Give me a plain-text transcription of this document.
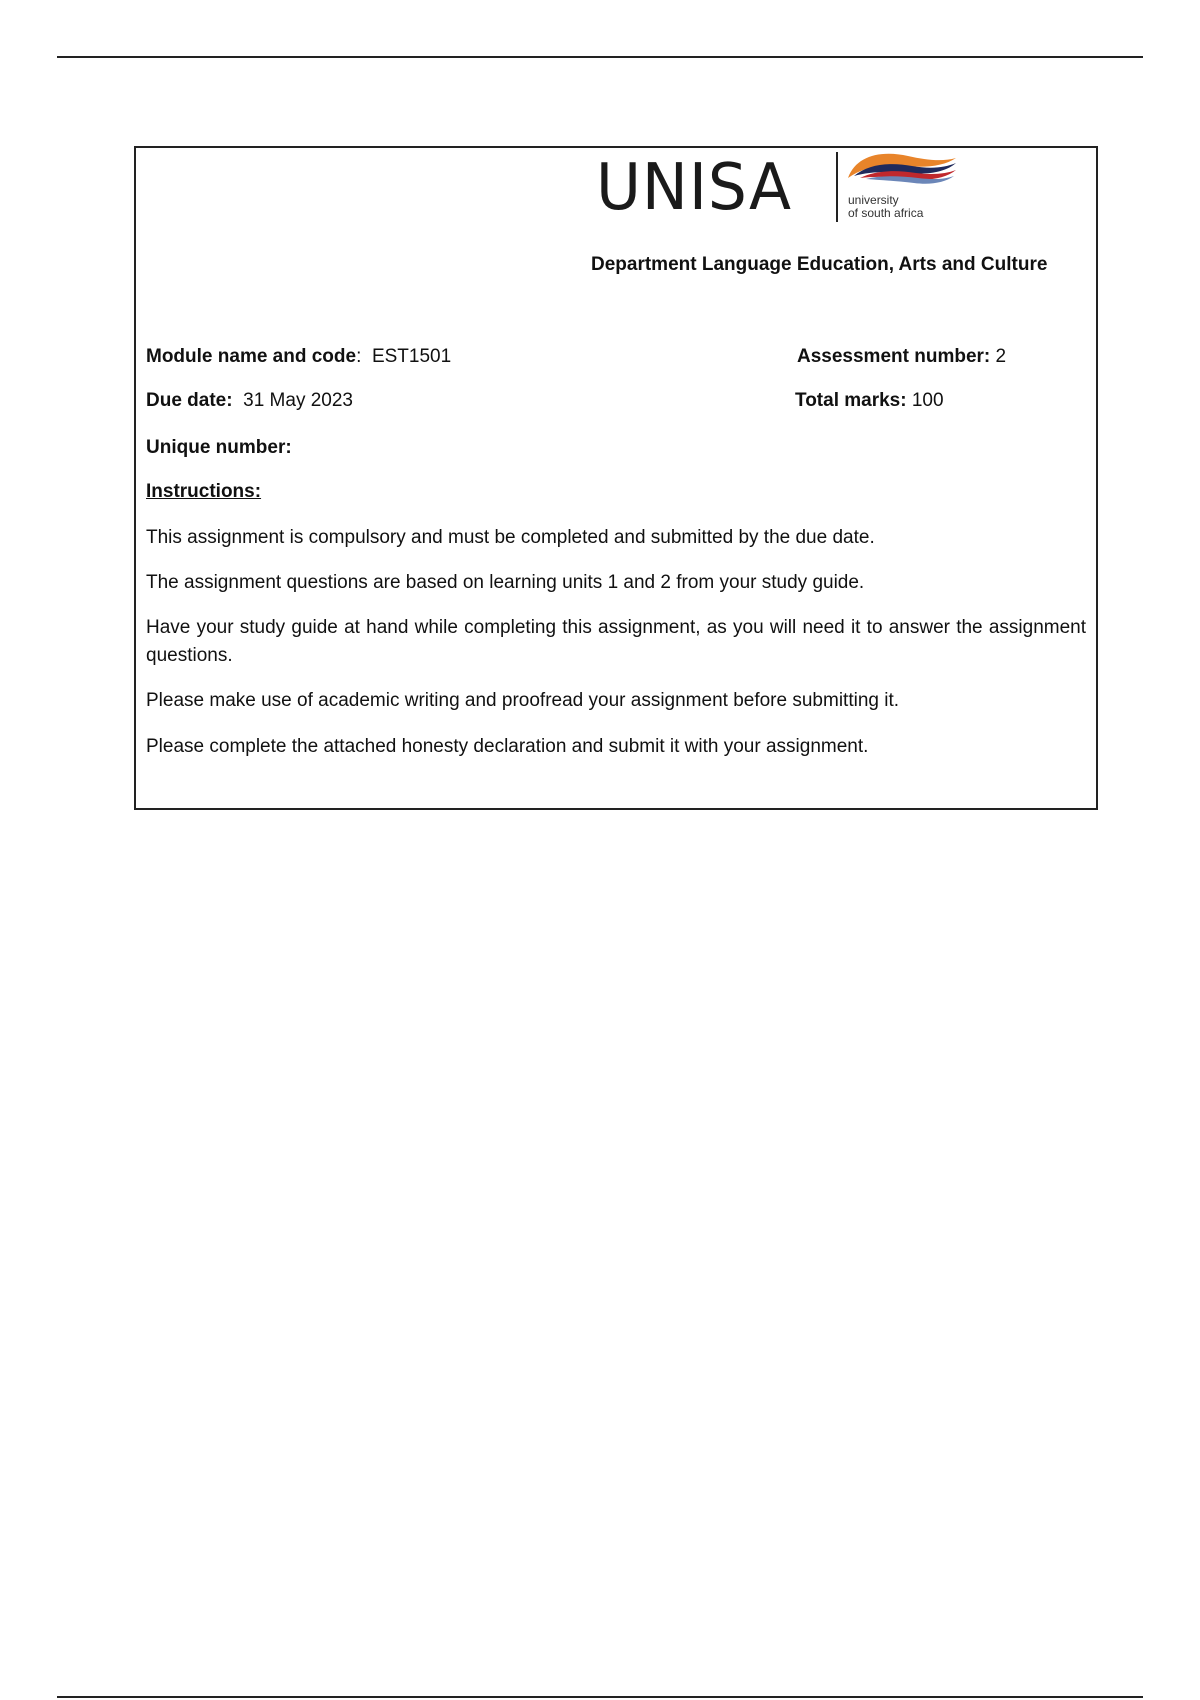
UNISA	university
of south africa
Department Language Education, Arts and Culture
Module name and code:  EST1501	Assessment number: 2
Due date: 31 May 2023	Total marks: 100
Unique number:
Instructions:
This assignment is compulsory and must be completed and submitted by the due date.
The assignment questions are based on learning units 1 and 2 from your study guide.
Have your study guide at hand while completing this assignment, as you will need it to answer the assignment questions.
Please make use of academic writing and proofread your assignment before submitting it.
Please complete the attached honesty declaration and submit it with your assignment.
